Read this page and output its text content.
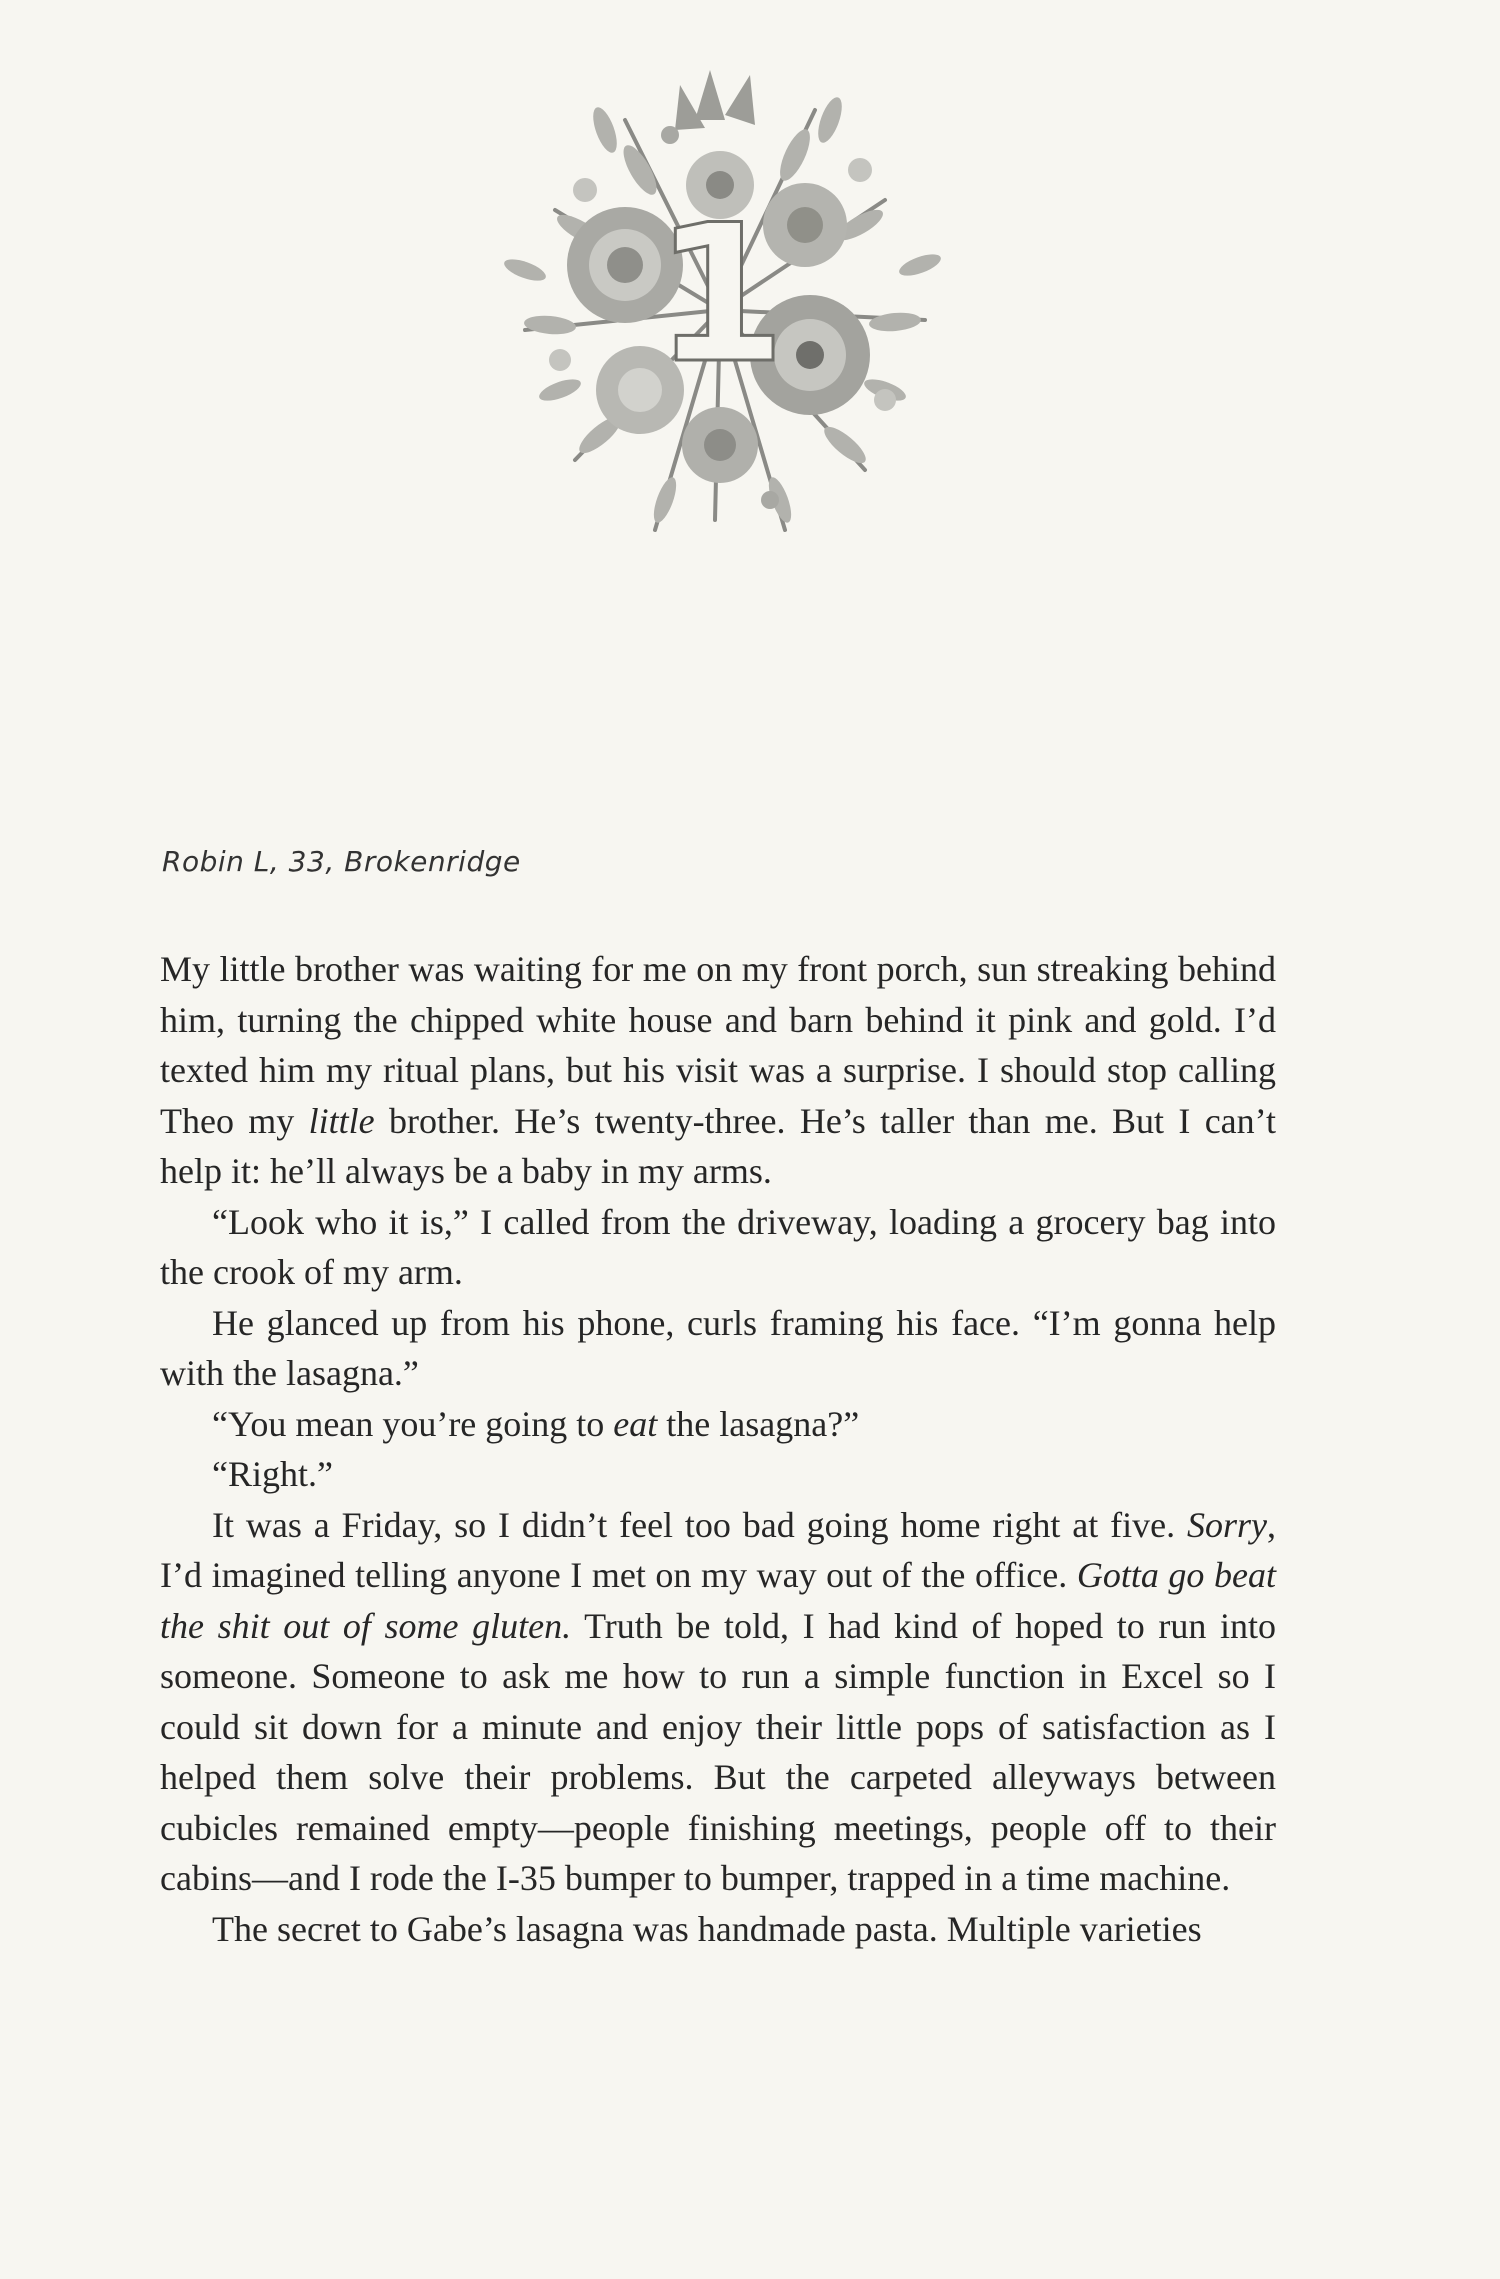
1
Robin L, 33, Brokenridge

My little brother was waiting for me on my front porch, sun streaking behind him, turning the chipped white house and barn behind it pink and gold. I’d texted him my ritual plans, but his visit was a surprise. I should stop calling Theo my little brother. He’s twenty-three. He’s taller than me. But I can’t help it: he’ll always be a baby in my arms.

“Look who it is,” I called from the driveway, loading a grocery bag into the crook of my arm.

He glanced up from his phone, curls framing his face. “I’m gonna help with the lasagna.”

“You mean you’re going to eat the lasagna?”

“Right.”

It was a Friday, so I didn’t feel too bad going home right at five. Sorry, I’d imagined telling anyone I met on my way out of the office. Gotta go beat the shit out of some gluten. Truth be told, I had kind of hoped to run into someone. Someone to ask me how to run a simple function in Excel so I could sit down for a minute and enjoy their little pops of satisfaction as I helped them solve their problems. But the carpeted alleyways between cubicles remained empty—people finishing meetings, people off to their cabins—and I rode the I-35 bumper to bumper, trapped in a time machine.

The secret to Gabe’s lasagna was handmade pasta. Multiple varieties
